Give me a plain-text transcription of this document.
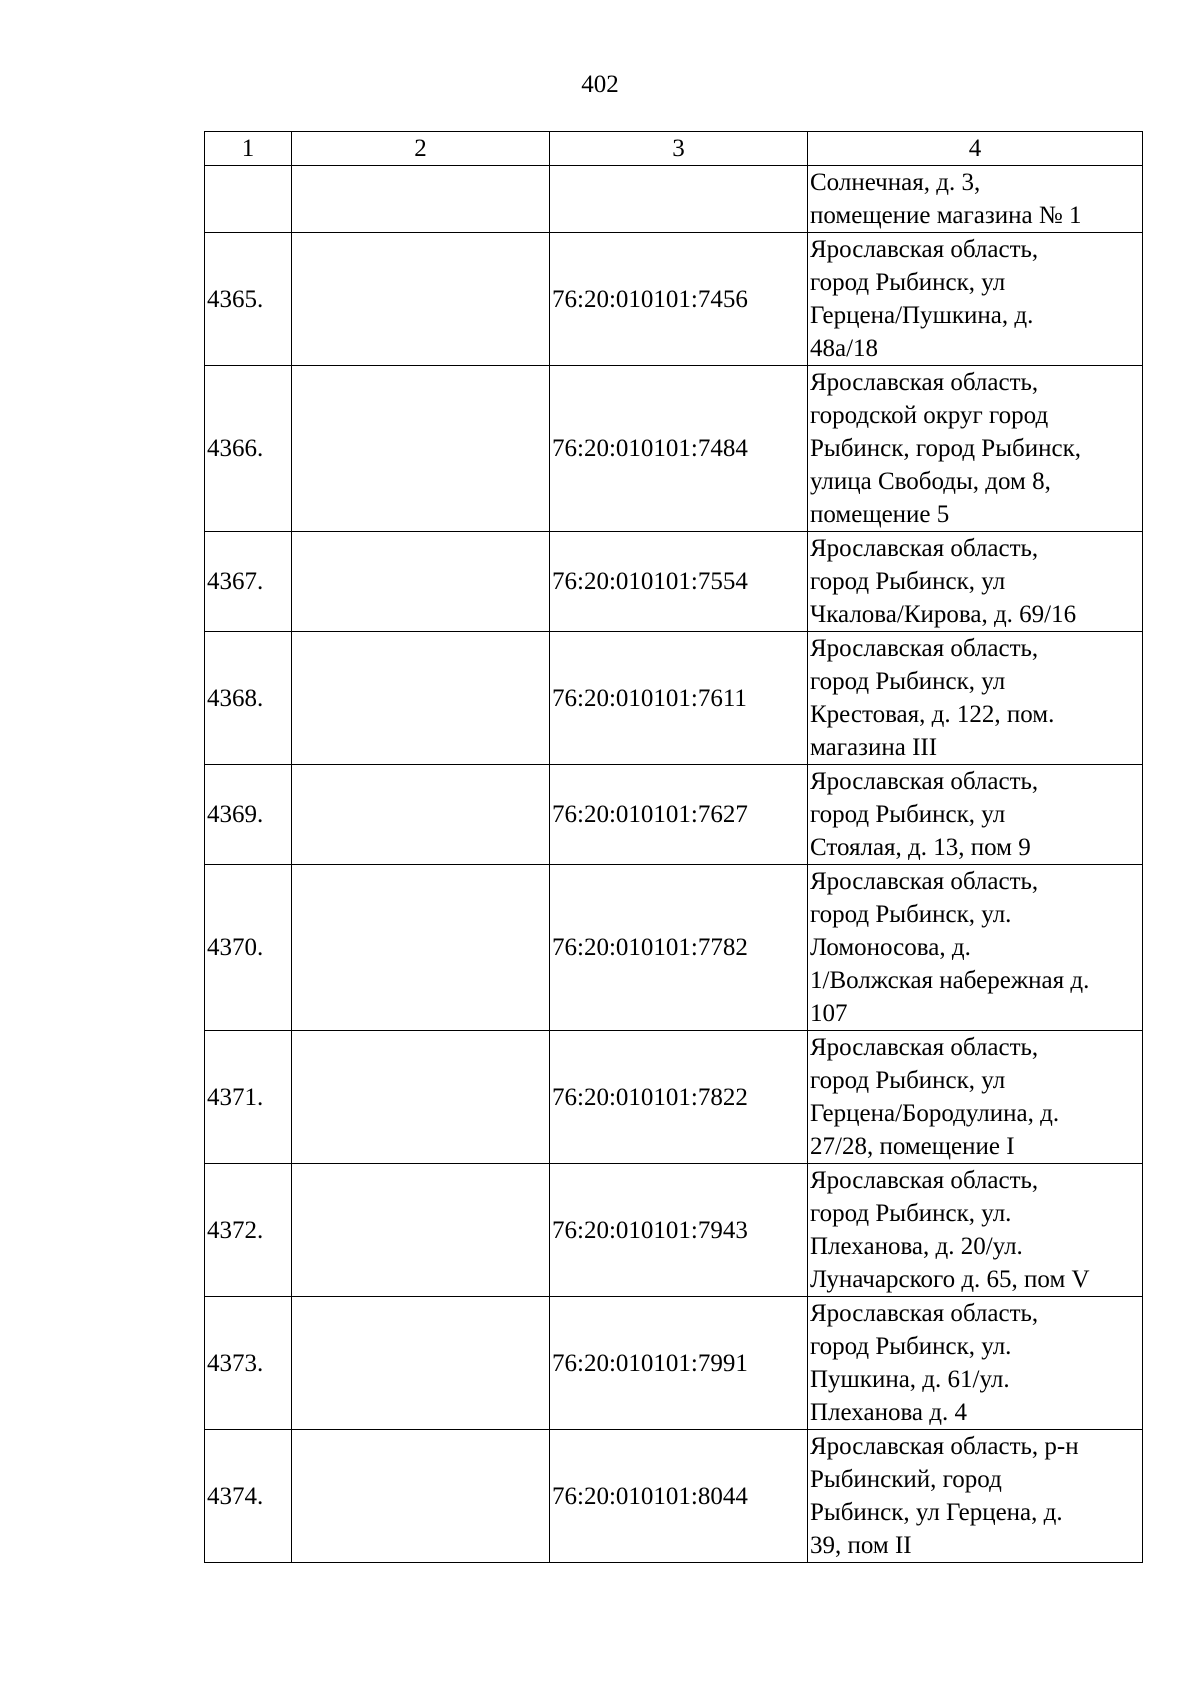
402
1	2	3	4
			Солнечная, д. 3,
помещение магазина № 1
4365.		76:20:010101:7456	Ярославская область,
город Рыбинск, ул
Герцена/Пушкина, д.
48а/18
4366.		76:20:010101:7484	Ярославская область,
городской округ город
Рыбинск, город Рыбинск,
улица Свободы, дом 8,
помещение 5
4367.		76:20:010101:7554	Ярославская область,
город Рыбинск, ул
Чкалова/Кирова, д. 69/16
4368.		76:20:010101:7611	Ярославская область,
город Рыбинск, ул
Крестовая, д. 122, пом.
магазина III
4369.		76:20:010101:7627	Ярославская область,
город Рыбинск, ул
Стоялая, д. 13, пом 9
4370.		76:20:010101:7782	Ярославская область,
город Рыбинск, ул.
Ломоносова, д.
1/Волжская набережная д.
107
4371.		76:20:010101:7822	Ярославская область,
город Рыбинск, ул
Герцена/Бородулина, д.
27/28, помещение I
4372.		76:20:010101:7943	Ярославская область,
город Рыбинск, ул.
Плеханова, д. 20/ул.
Луначарского д. 65, пом V
4373.		76:20:010101:7991	Ярославская область,
город Рыбинск, ул.
Пушкина, д. 61/ул.
Плеханова д. 4
4374.		76:20:010101:8044	Ярославская область, р-н
Рыбинский, город
Рыбинск, ул Герцена, д.
39, пом II
